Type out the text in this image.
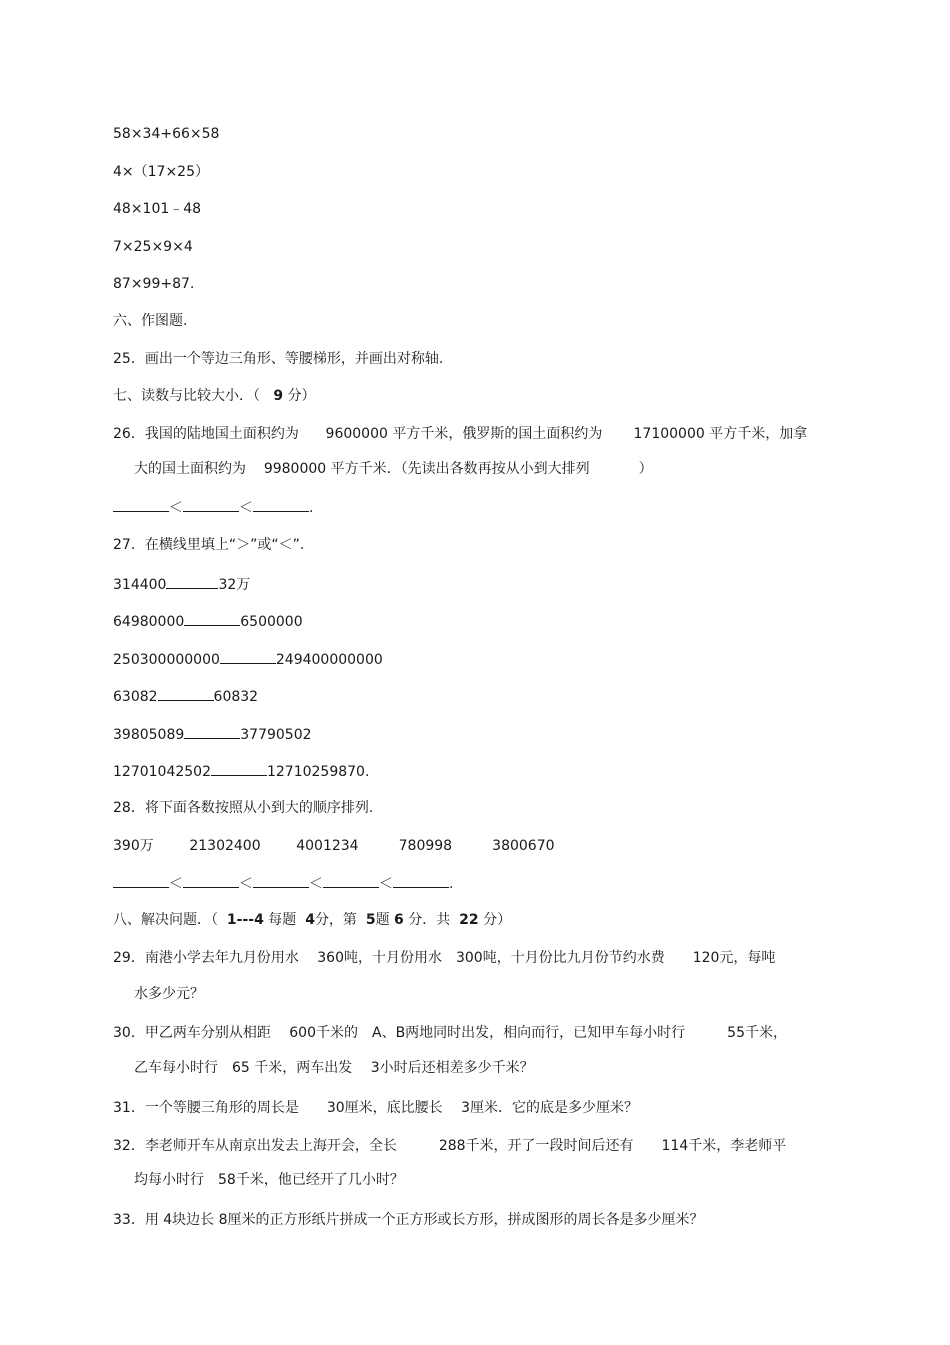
58×34+66×58
4×（17×25）
48×101﹣48
7×25×9×4
87×99+87.
六、作图题.
25．画出一个等边三角形、等腰梯形，并画出对称轴.
七、读数与比较大小．（ 9 分）
26．我国的陆地国土面积约为 9600000 平方千米，俄罗斯的国土面积约为 17100000 平方千米，加拿
大的国土面积约为 9980000 平方千米．（先读出各数再按从小到大排列	）
＜	＜	.
27．在横线里填上“＞”或“＜”.
314400	32万
64980000	6500000
250300000000	249400000000
63082	60832
39805089	37790502
12701042502	12710259870.
28．将下面各数按照从小到大的顺序排列.
390万	21302400	4001234	780998	3800670
＜	＜	＜	＜	.
八、解决问题．（ 1---4 每题 4分，第 5题 6 分．共 22 分）
29．南港小学去年九月份用水　 360吨，十月份用水　300吨，十月份比九月份节约水费　　120元，每吨
水多少元？
30．甲乙两车分别从相距　 600千米的　A、B两地同时出发，相向而行，已知甲车每小时行　　　55千米，
乙车每小时行　65 千米，两车出发　 3小时后还相差多少千米？
31．一个等腰三角形的周长是　　30厘米，底比腰长　 3厘米．它的底是多少厘米？
32．李老师开车从南京出发去上海开会，全长　　　288千米，开了一段时间后还有　　114千米，李老师平
均每小时行　58千米，他已经开了几小时？
33．用 4块边长 8厘米的正方形纸片拼成一个正方形或长方形，拼成图形的周长各是多少厘米？
